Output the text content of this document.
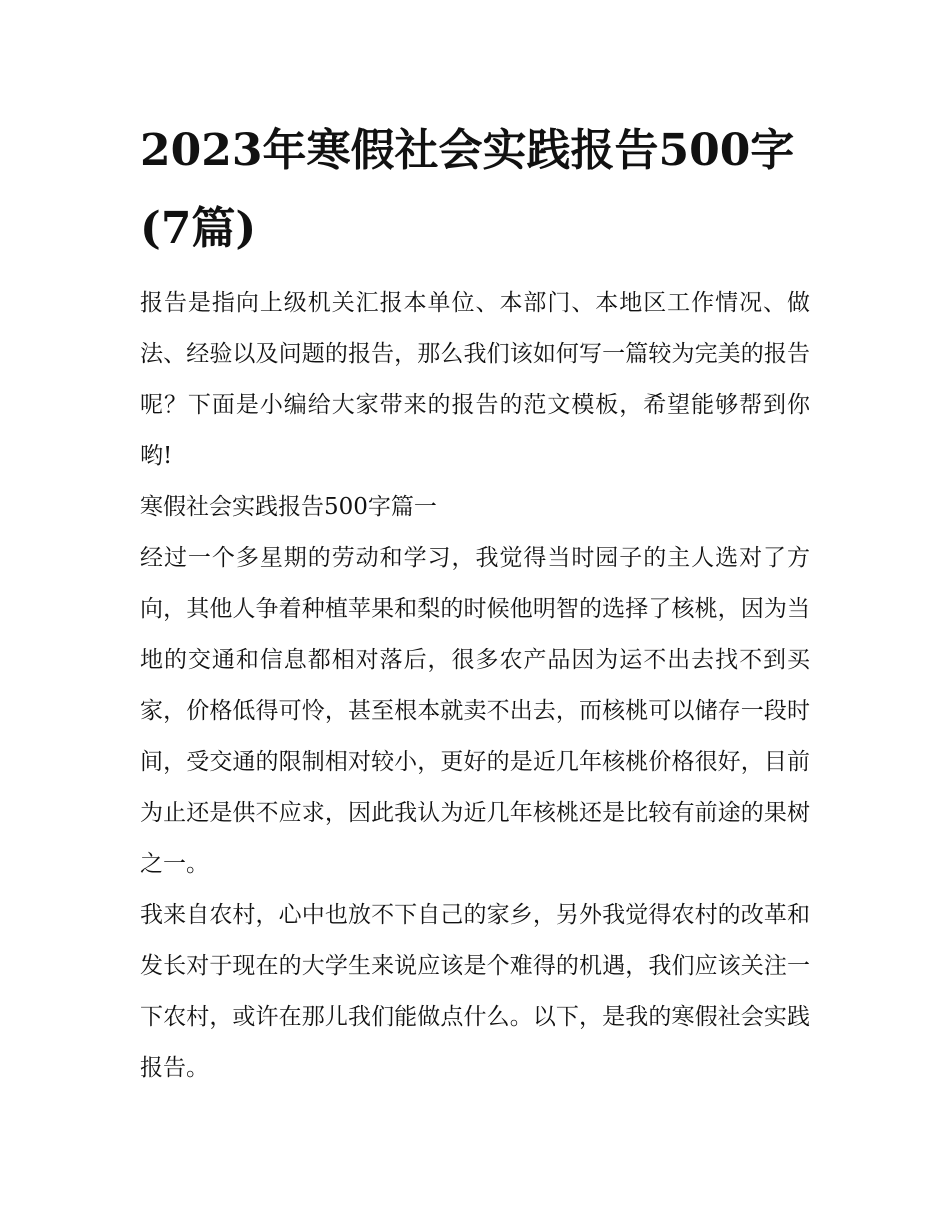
2023年寒假社会实践报告500字(7篇)

报告是指向上级机关汇报本单位、本部门、本地区工作情况、做法、经验以及问题的报告，那么我们该如何写一篇较为完美的报告呢？下面是小编给大家带来的报告的范文模板，希望能够帮到你哟!

寒假社会实践报告500字篇一

经过一个多星期的劳动和学习，我觉得当时园子的主人选对了方向，其他人争着种植苹果和梨的时候他明智的选择了核桃，因为当地的交通和信息都相对落后，很多农产品因为运不出去找不到买家，价格低得可怜，甚至根本就卖不出去，而核桃可以储存一段时间，受交通的限制相对较小，更好的是近几年核桃价格很好，目前为止还是供不应求，因此我认为近几年核桃还是比较有前途的果树之一。

我来自农村，心中也放不下自己的家乡，另外我觉得农村的改革和发长对于现在的大学生来说应该是个难得的机遇，我们应该关注一下农村，或许在那儿我们能做点什么。以下，是我的寒假社会实践报告。
